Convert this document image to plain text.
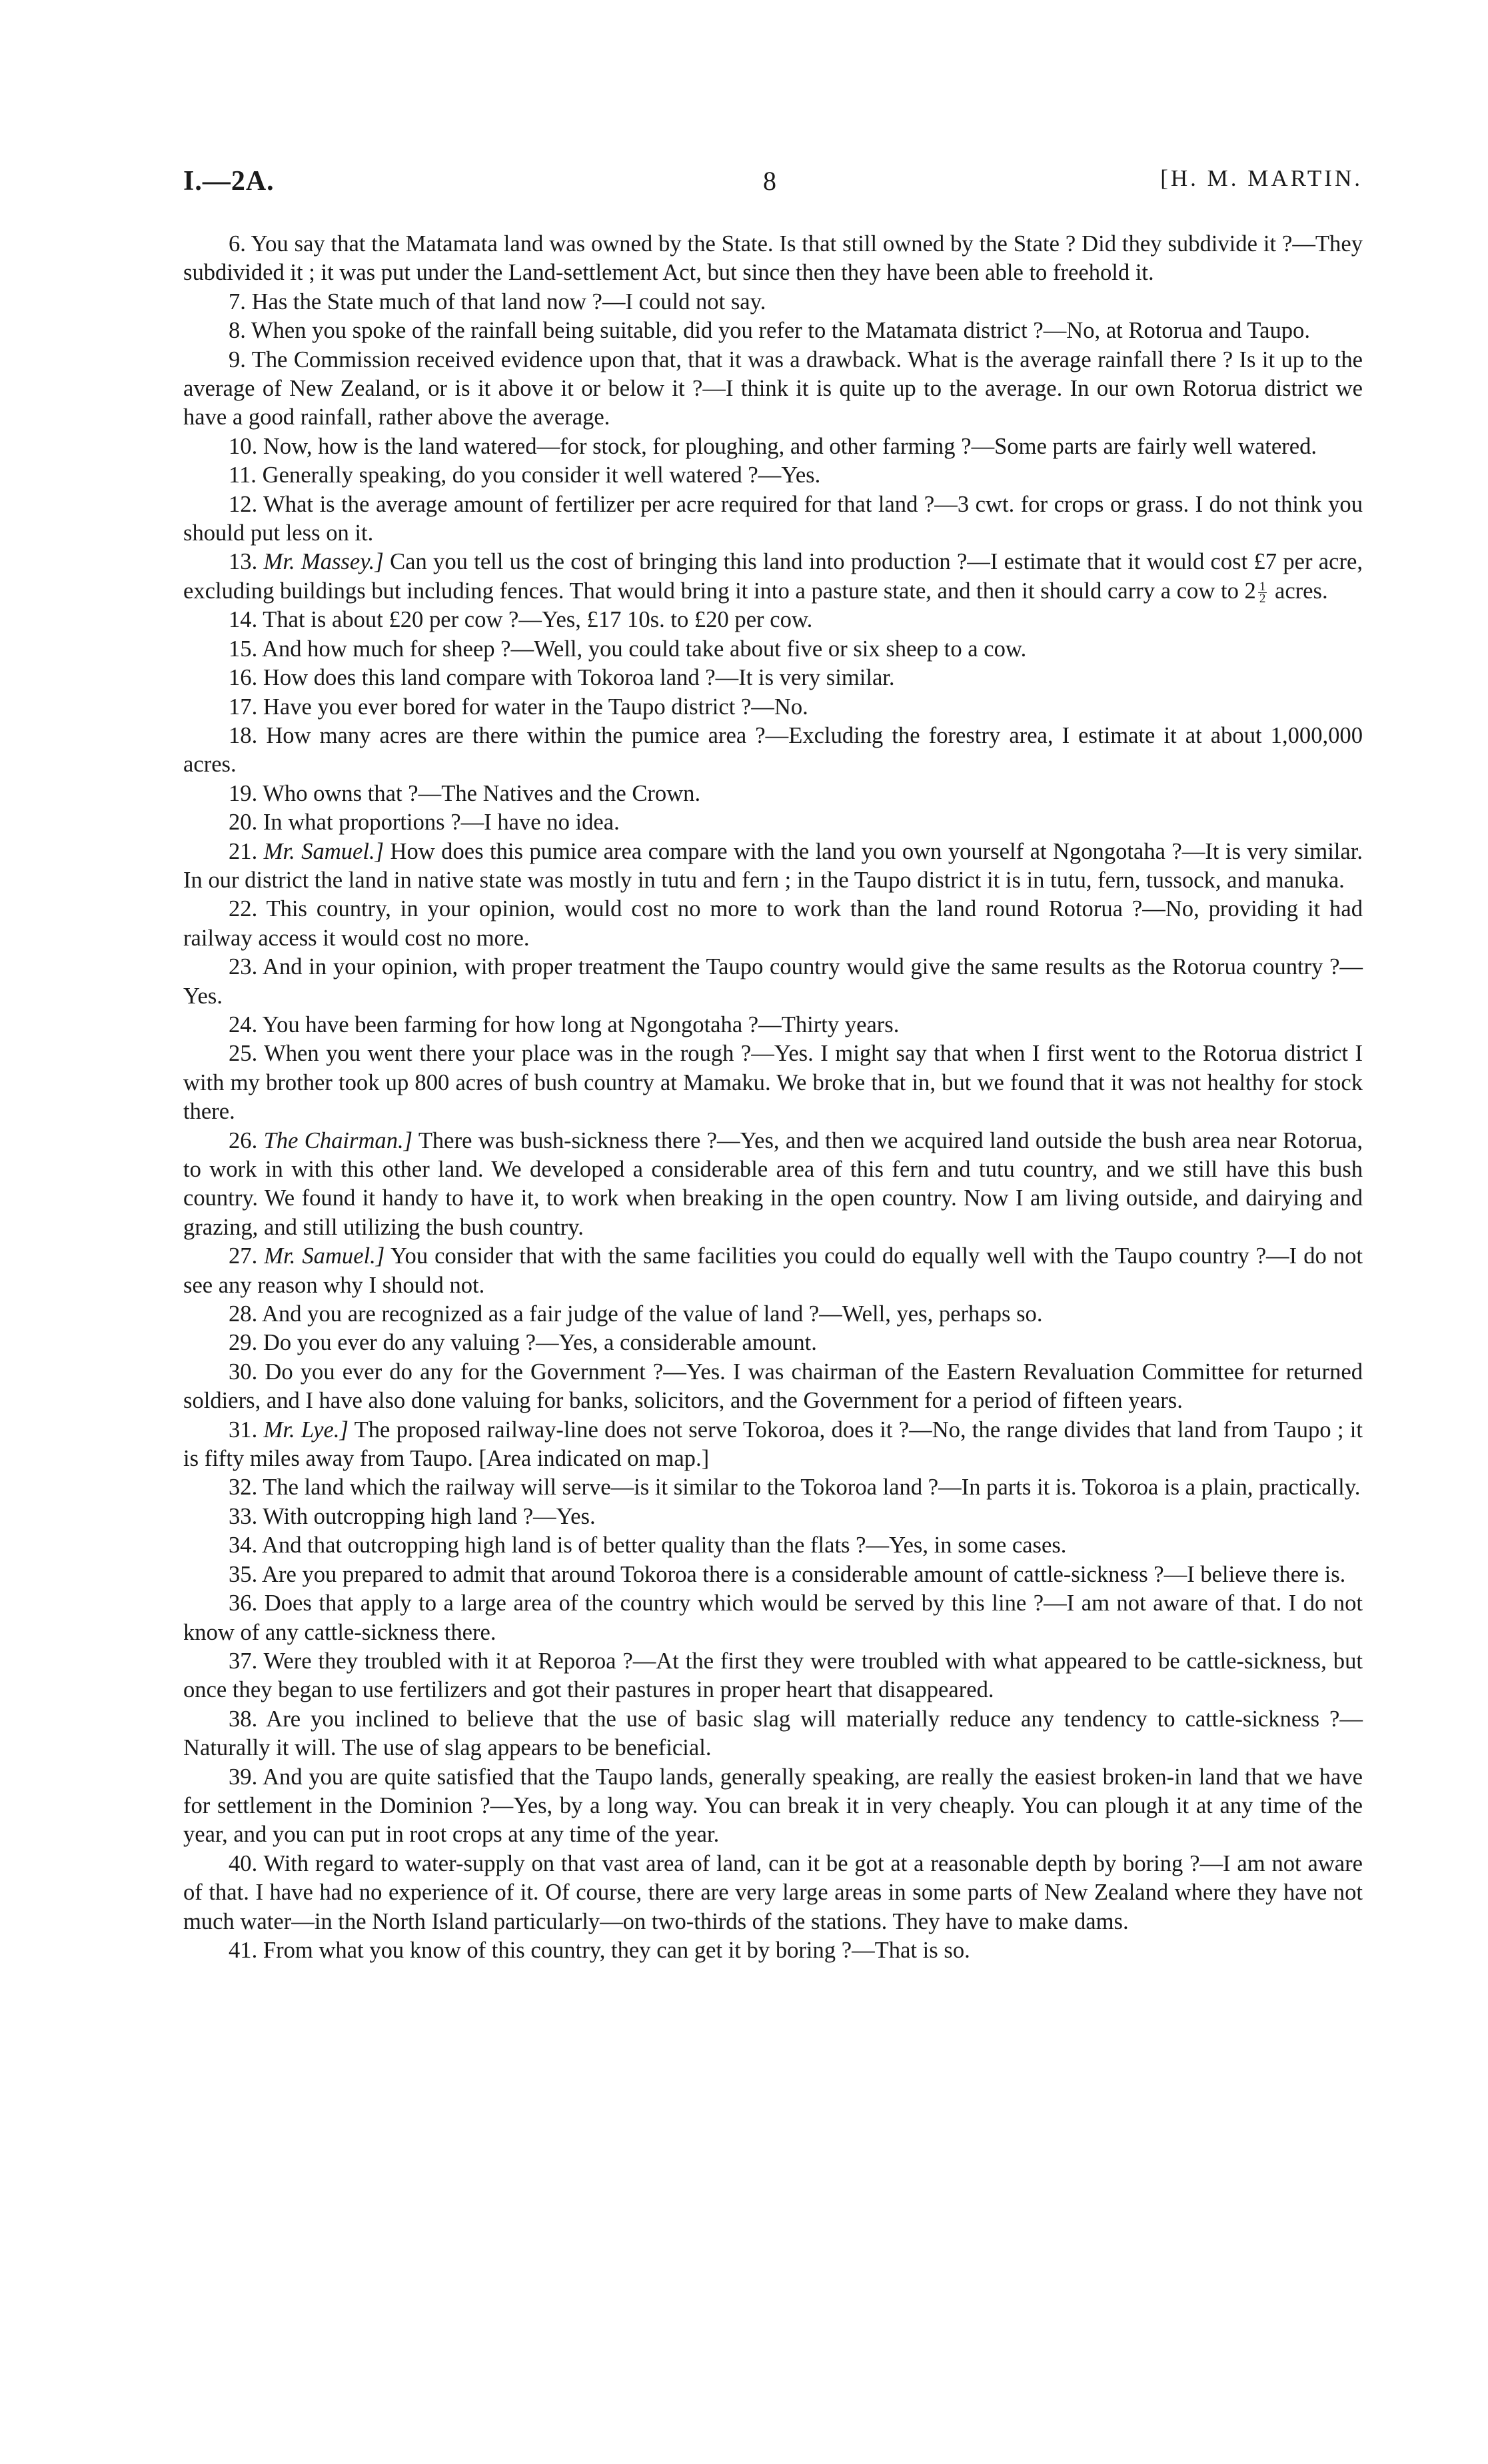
I.—2A.	8	[H. M. MARTIN.

6. You say that the Matamata land was owned by the State. Is that still owned by the State ? Did they subdivide it ?—They subdivided it ; it was put under the Land-settlement Act, but since then they have been able to freehold it.

7. Has the State much of that land now ?—I could not say.

8. When you spoke of the rainfall being suitable, did you refer to the Matamata district ?—No, at Rotorua and Taupo.

9. The Commission received evidence upon that, that it was a drawback. What is the average rainfall there ? Is it up to the average of New Zealand, or is it above it or below it ?—I think it is quite up to the average. In our own Rotorua district we have a good rainfall, rather above the average.

10. Now, how is the land watered—for stock, for ploughing, and other farming ?—Some parts are fairly well watered.

11. Generally speaking, do you consider it well watered ?—Yes.

12. What is the average amount of fertilizer per acre required for that land ?—3 cwt. for crops or grass. I do not think you should put less on it.

13. Mr. Massey.] Can you tell us the cost of bringing this land into production ?—I estimate that it would cost £7 per acre, excluding buildings but including fences. That would bring it into a pasture state, and then it should carry a cow to $2 \frac{1}{2}$ acres.

14. That is about £20 per cow ?—Yes, £17 10s. to £20 per cow.

15. And how much for sheep ?—Well, you could take about five or six sheep to a cow.

16. How does this land compare with Tokoroa land ?—It is very similar.

17. Have you ever bored for water in the Taupo district ?—No.

18. How many acres are there within the pumice area ?—Excluding the forestry area, I estimate it at about 1,000,000 acres.

19. Who owns that ?—The Natives and the Crown.

20. In what proportions ?—I have no idea.

21. Mr. Samuel.] How does this pumice area compare with the land you own yourself at Ngongotaha ?—It is very similar. In our district the land in native state was mostly in tutu and fern ; in the Taupo district it is in tutu, fern, tussock, and manuka.

22. This country, in your opinion, would cost no more to work than the land round Rotorua ?—No, providing it had railway access it would cost no more.

23. And in your opinion, with proper treatment the Taupo country would give the same results as the Rotorua country ?—Yes.

24. You have been farming for how long at Ngongotaha ?—Thirty years.

25. When you went there your place was in the rough ?—Yes. I might say that when I first went to the Rotorua district I with my brother took up 800 acres of bush country at Mamaku. We broke that in, but we found that it was not healthy for stock there.

26. The Chairman.] There was bush-sickness there ?—Yes, and then we acquired land outside the bush area near Rotorua, to work in with this other land. We developed a considerable area of this fern and tutu country, and we still have this bush country. We found it handy to have it, to work when breaking in the open country. Now I am living outside, and dairying and grazing, and still utilizing the bush country.

27. Mr. Samuel.] You consider that with the same facilities you could do equally well with the Taupo country ?—I do not see any reason why I should not.

28. And you are recognized as a fair judge of the value of land ?—Well, yes, perhaps so.

29. Do you ever do any valuing ?—Yes, a considerable amount.

30. Do you ever do any for the Government ?—Yes. I was chairman of the Eastern Revaluation Committee for returned soldiers, and I have also done valuing for banks, solicitors, and the Government for a period of fifteen years.

31. Mr. Lye.] The proposed railway-line does not serve Tokoroa, does it ?—No, the range divides that land from Taupo ; it is fifty miles away from Taupo. [Area indicated on map.]

32. The land which the railway will serve—is it similar to the Tokoroa land ?—In parts it is. Tokoroa is a plain, practically.

33. With outcropping high land ?—Yes.

34. And that outcropping high land is of better quality than the flats ?—Yes, in some cases.

35. Are you prepared to admit that around Tokoroa there is a considerable amount of cattle-sickness ?—I believe there is.

36. Does that apply to a large area of the country which would be served by this line ?—I am not aware of that. I do not know of any cattle-sickness there.

37. Were they troubled with it at Reporoa ?—At the first they were troubled with what appeared to be cattle-sickness, but once they began to use fertilizers and got their pastures in proper heart that disappeared.

38. Are you inclined to believe that the use of basic slag will materially reduce any tendency to cattle-sickness ?—Naturally it will. The use of slag appears to be beneficial.

39. And you are quite satisfied that the Taupo lands, generally speaking, are really the easiest broken-in land that we have for settlement in the Dominion ?—Yes, by a long way. You can break it in very cheaply. You can plough it at any time of the year, and you can put in root crops at any time of the year.

40. With regard to water-supply on that vast area of land, can it be got at a reasonable depth by boring ?—I am not aware of that. I have had no experience of it. Of course, there are very large areas in some parts of New Zealand where they have not much water—in the North Island particularly—on two-thirds of the stations. They have to make dams.

41. From what you know of this country, they can get it by boring ?—That is so.
